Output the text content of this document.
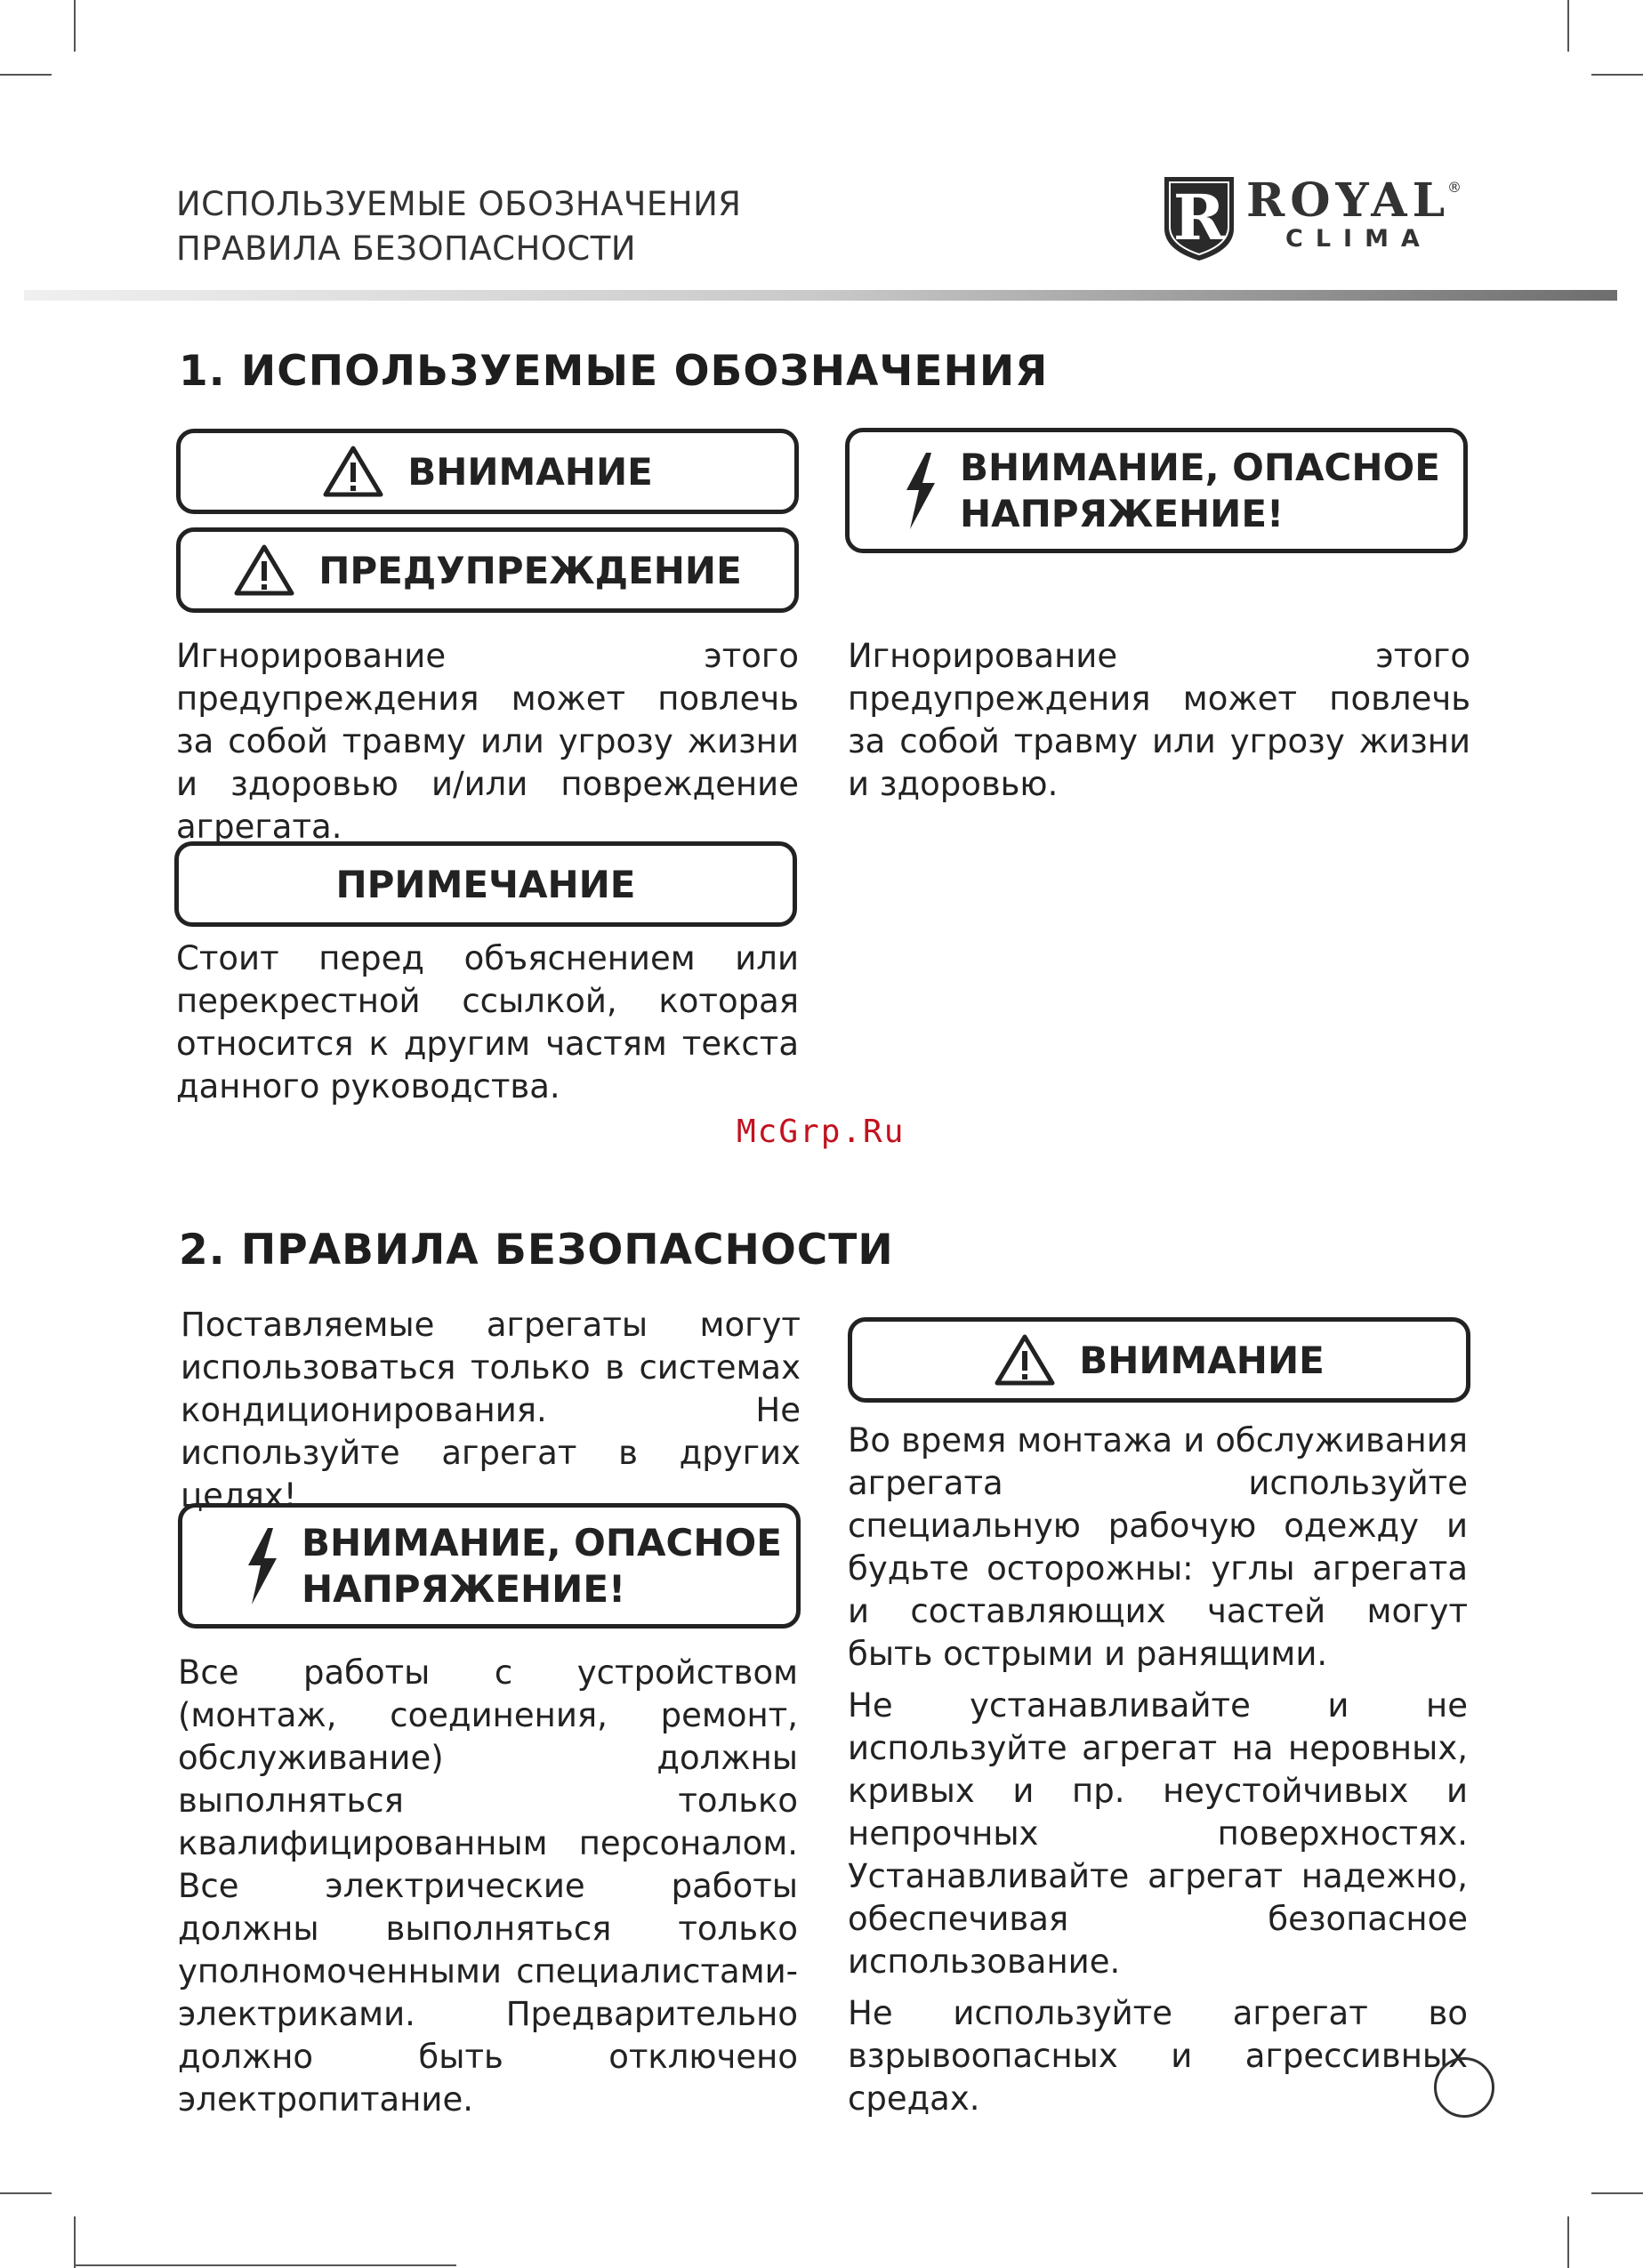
ИСПОЛЬЗУЕМЫЕ ОБОЗНАЧЕНИЯ
ПРАВИЛА БЕЗОПАСНОСТИ	R ROYAL
®
CLIMA
1. ИСПОЛЬЗУЕМЫЕ ОБОЗНАЧЕНИЯ
ВНИМАНИЕ
ПРЕДУПРЕЖДЕНИЕ
ВНИМАНИЕ, ОПАСНОЕ
НАПРЯЖЕНИЕ!

Игнорирование этого предупреждения может повлечь за собой травму или угрозу жизни и здоровью и/или повреждение агрегата.

Игнорирование этого предупреждения может повлечь за собой травму или угрозу жизни и здоровью.

ПРИМЕЧАНИЕ

Стоит перед объяснением или перекрестной ссылкой, которая относится к другим частям текста данного руководства.

McGrp.Ru
2. ПРАВИЛА БЕЗОПАСНОСТИ

Поставляемые агрегаты могут использоваться только в системах кондиционирования. Не используйте агрегат в других целях!

ВНИМАНИЕ, ОПАСНОЕ
НАПРЯЖЕНИЕ!

Все работы с устройством (монтаж, соединения, ремонт, обслуживание) должны выполняться только квалифицированным персоналом. Все электрические работы должны выполняться только уполномоченными специалистами-электриками. Предварительно должно быть отключено электропитание.

ВНИМАНИЕ

Во время монтажа и обслуживания агрегата используйте специальную рабочую одежду и будьте осторожны: углы агрегата и составляющих частей могут быть острыми и ранящими.

Не устанавливайте и не используйте агрегат на неровных, кривых и пр. неустойчивых и непрочных поверхностях. Устанавливайте агрегат надежно, обеспечивая безопасное использование.

Не используйте агрегат во взрывоопасных и агрессивных средах.
